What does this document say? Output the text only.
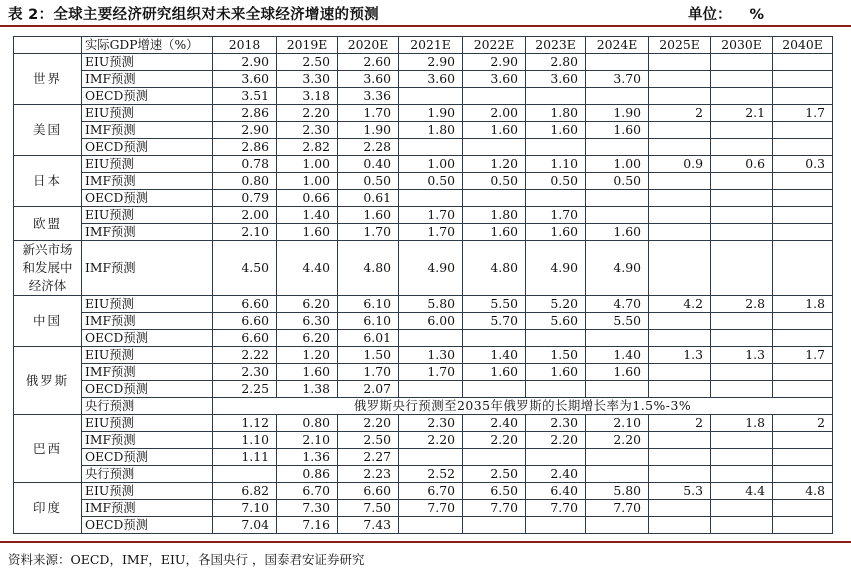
表 2：全球主要经济研究组织对未来全球经济增速的预测	单位： %
	实际GDP增速（%）	2018	2019E	2020E	2021E	2022E	2023E	2024E	2025E	2030E	2040E
世界	EIU预测	2.90	2.50	2.60	2.90	2.90	2.80				
	IMF预测	3.60	3.30	3.60	3.60	3.60	3.60	3.70			
	OECD预测	3.51	3.18	3.36							
美国	EIU预测	2.86	2.20	1.70	1.90	2.00	1.80	1.90	2	2.1	1.7
	IMF预测	2.90	2.30	1.90	1.80	1.60	1.60	1.60			
	OECD预测	2.86	2.82	2.28							
日本	EIU预测	0.78	1.00	0.40	1.00	1.20	1.10	1.00	0.9	0.6	0.3
	IMF预测	0.80	1.00	0.50	0.50	0.50	0.50	0.50			
	OECD预测	0.79	0.66	0.61							
欧盟	EIU预测	2.00	1.40	1.60	1.70	1.80	1.70				
	IMF预测	2.10	1.60	1.70	1.70	1.60	1.60	1.60			
新兴市场和发展中经济体	IMF预测	4.50	4.40	4.80	4.90	4.80	4.90	4.90			
中国	EIU预测	6.60	6.20	6.10	5.80	5.50	5.20	4.70	4.2	2.8	1.8
	IMF预测	6.60	6.30	6.10	6.00	5.70	5.60	5.50			
	OECD预测	6.60	6.20	6.01							
俄罗斯	EIU预测	2.22	1.20	1.50	1.30	1.40	1.50	1.40	1.3	1.3	1.7
	IMF预测	2.30	1.60	1.70	1.70	1.60	1.60	1.60			
	OECD预测	2.25	1.38	2.07							
	央行预测	俄罗斯央行预测至2035年俄罗斯的长期增长率为1.5%-3%									
巴西	EIU预测	1.12	0.80	2.20	2.30	2.40	2.30	2.10	2	1.8	2
	IMF预测	1.10	2.10	2.50	2.20	2.20	2.20	2.20			
	OECD预测	1.11	1.36	2.27							
	央行预测		0.86	2.23	2.52	2.50	2.40				
印度	EIU预测	6.82	6.70	6.60	6.70	6.50	6.40	5.80	5.3	4.4	4.8
	IMF预测	7.10	7.30	7.50	7.70	7.70	7.70	7.70			
	OECD预测	7.04	7.16	7.43							
资料来源：OECD，IMF，EIU，各国央行 ，国泰君安证券研究
